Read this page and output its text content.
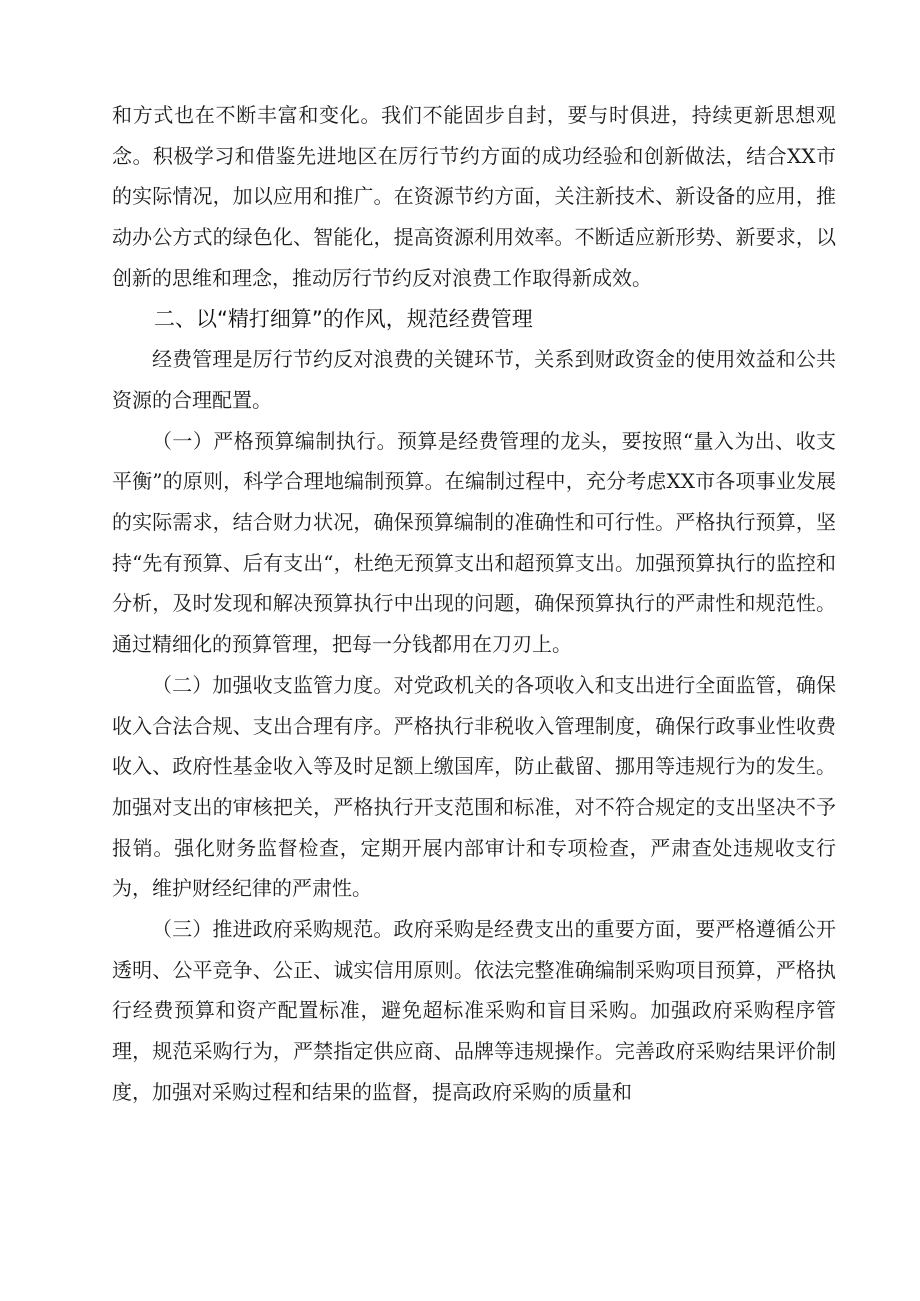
和方式也在不断丰富和变化。我们不能固步自封，要与时俱进，持续更新思想观念。积极学习和借鉴先进地区在厉行节约方面的成功经验和创新做法，结合XX市的实际情况，加以应用和推广。在资源节约方面，关注新技术、新设备的应用，推动办公方式的绿色化、智能化，提高资源利用效率。不断适应新形势、新要求，以创新的思维和理念，推动厉行节约反对浪费工作取得新成效。

二、以“精打细算”的作风，规范经费管理

经费管理是厉行节约反对浪费的关键环节，关系到财政资金的使用效益和公共资源的合理配置。

（一）严格预算编制执行。预算是经费管理的龙头，要按照“量入为出、收支平衡”的原则，科学合理地编制预算。在编制过程中，充分考虑XX市各项事业发展的实际需求，结合财力状况，确保预算编制的准确性和可行性。严格执行预算，坚持“先有预算、后有支出“，杜绝无预算支出和超预算支出。加强预算执行的监控和分析，及时发现和解决预算执行中出现的问题，确保预算执行的严肃性和规范性。通过精细化的预算管理，把每一分钱都用在刀刃上。

（二）加强收支监管力度。对党政机关的各项收入和支出进行全面监管，确保收入合法合规、支出合理有序。严格执行非税收入管理制度，确保行政事业性收费收入、政府性基金收入等及时足额上缴国库，防止截留、挪用等违规行为的发生。加强对支出的审核把关，严格执行开支范围和标准，对不符合规定的支出坚决不予报销。强化财务监督检查，定期开展内部审计和专项检查，严肃查处违规收支行为，维护财经纪律的严肃性。

（三）推进政府采购规范。政府采购是经费支出的重要方面，要严格遵循公开透明、公平竞争、公正、诚实信用原则。依法完整准确编制采购项目预算，严格执行经费预算和资产配置标准，避免超标准采购和盲目采购。加强政府采购程序管理，规范采购行为，严禁指定供应商、品牌等违规操作。完善政府采购结果评价制度，加强对采购过程和结果的监督，提高政府采购的质量和
